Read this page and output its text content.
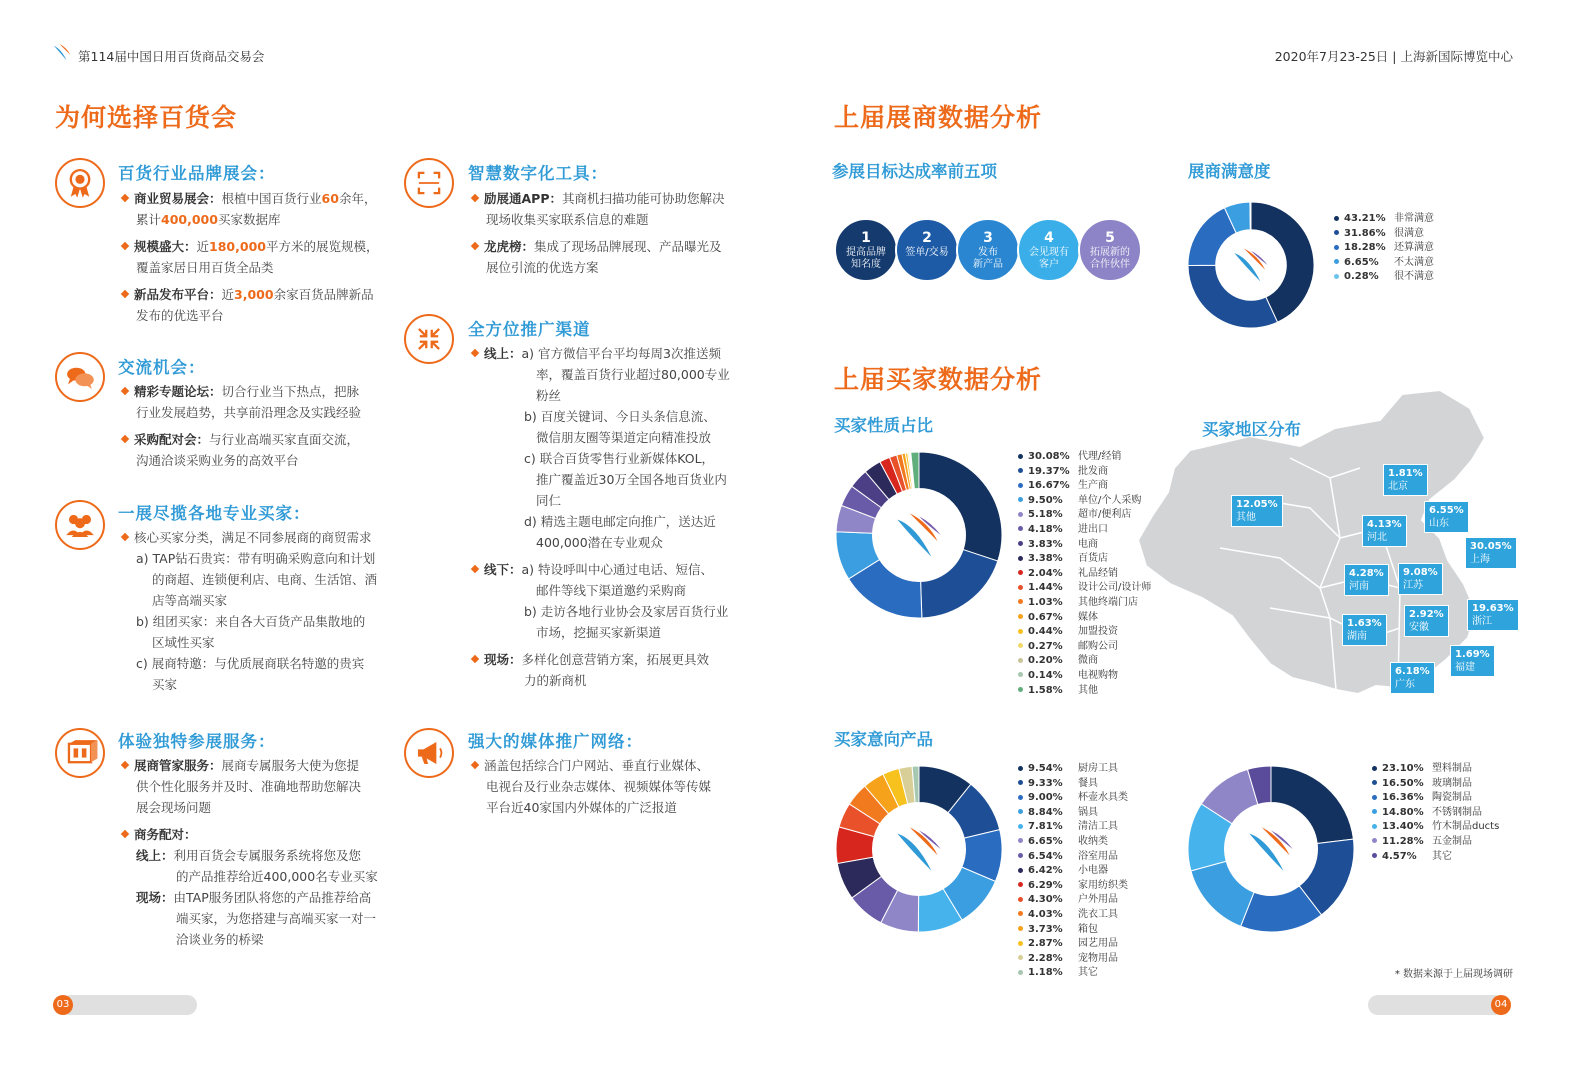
第114届中国日用百货商品交易会	2020年7月23-25日 | 上海新国际博览中心
为何选择百货会
百货行业品牌展会：
商业贸易展会：根植中国百货行业60余年，
累计400,000买家数据库
规模盛大：近180,000平方米的展览规模，
覆盖家居日用百货全品类
新品发布平台：近3,000余家百货品牌新品
发布的优选平台
交流机会：
精彩专题论坛：切合行业当下热点，把脉
行业发展趋势，共享前沿理念及实践经验
采购配对会：与行业高端买家直面交流，
沟通洽谈采购业务的高效平台
一展尽揽各地专业买家：
核心买家分类，满足不同参展商的商贸需求
a) TAP钻石贵宾：带有明确采购意向和计划
的商超、连锁便利店、电商、生活馆、酒
店等高端买家
b) 组团买家：来自各大百货产品集散地的
区域性买家
c) 展商特邀：与优质展商联名特邀的贵宾
买家
体验独特参展服务：
展商管家服务：展商专属服务大使为您提
供个性化服务并及时、准确地帮助您解决
展会现场问题
商务配对：
线上：利用百货会专属服务系统将您及您
的产品推荐给近400,000名专业买家
现场：由TAP服务团队将您的产品推荐给高
端买家，为您搭建与高端买家一对一
洽谈业务的桥梁
智慧数字化工具：
励展通APP：其商机扫描功能可协助您解决
现场收集买家联系信息的难题
龙虎榜：集成了现场品牌展现、产品曝光及
展位引流的优选方案
全方位推广渠道
线上：a) 官方微信平台平均每周3次推送频
率，覆盖百货行业超过80,000专业
粉丝
b) 百度关键词、今日头条信息流、
微信朋友圈等渠道定向精准投放
c) 联合百货零售行业新媒体KOL，
推广覆盖近30万全国各地百货业内
同仁
d) 精选主题电邮定向推广，送达近
400,000潜在专业观众
线下：a) 特设呼叫中心通过电话、短信、
邮件等线下渠道邀约采购商
b) 走访各地行业协会及家居百货行业
市场，挖掘买家新渠道
现场：多样化创意营销方案，拓展更具效
力的新商机
强大的媒体推广网络：
涵盖包括综合门户网站、垂直行业媒体、
电视台及行业杂志媒体、视频媒体等传媒
平台近40家国内外媒体的广泛报道
上届展商数据分析
参展目标达成率前五项
1
提高品牌
知名度
2
签单/交易
3
发布
新产品
4
会见现有
客户
5
拓展新的
合作伙伴
展商满意度
上届买家数据分析
买家性质占比
买家意向产品
43.21% 非常满意
31.86% 很满意
18.28% 还算满意
6.65% 不太满意
0.28% 很不满意
30.08% 代理/经销
19.37% 批发商
16.67% 生产商
9.50% 单位/个人采购
5.18% 超市/便利店
4.18% 进出口
3.83% 电商
3.38% 百货店
2.04% 礼品经销
1.44% 设计公司/设计师
1.03% 其他终端门店
0.67% 媒体
0.44% 加盟投资
0.27% 邮购公司
0.20% 微商
0.14% 电视购物
1.58% 其他
9.54% 厨房工具
9.33% 餐具
9.00% 杯壶水具类
8.84% 锅具
7.81% 清洁工具
6.65% 收纳类
6.54% 浴室用品
6.42% 小电器
6.29% 家用纺织类
4.30% 户外用品
4.03% 洗衣工具
3.73% 箱包
2.87% 园艺用品
2.28% 宠物用品
1.18% 其它
23.10% 塑料制品
16.50% 玻璃制品
16.36% 陶瓷制品
14.80% 不锈钢制品
13.40% 竹木制品ducts
11.28% 五金制品
4.57% 其它
买家地区分布
1.81%
北京
12.05%
其他
6.55%
山东
4.13%
河北
30.05%
上海
4.28%
河南
9.08%
江苏
2.92%
安徽
19.63%
浙江
1.63%
湖南
1.69%
福建
6.18%
广东
* 数据来源于上届现场调研
03	04
